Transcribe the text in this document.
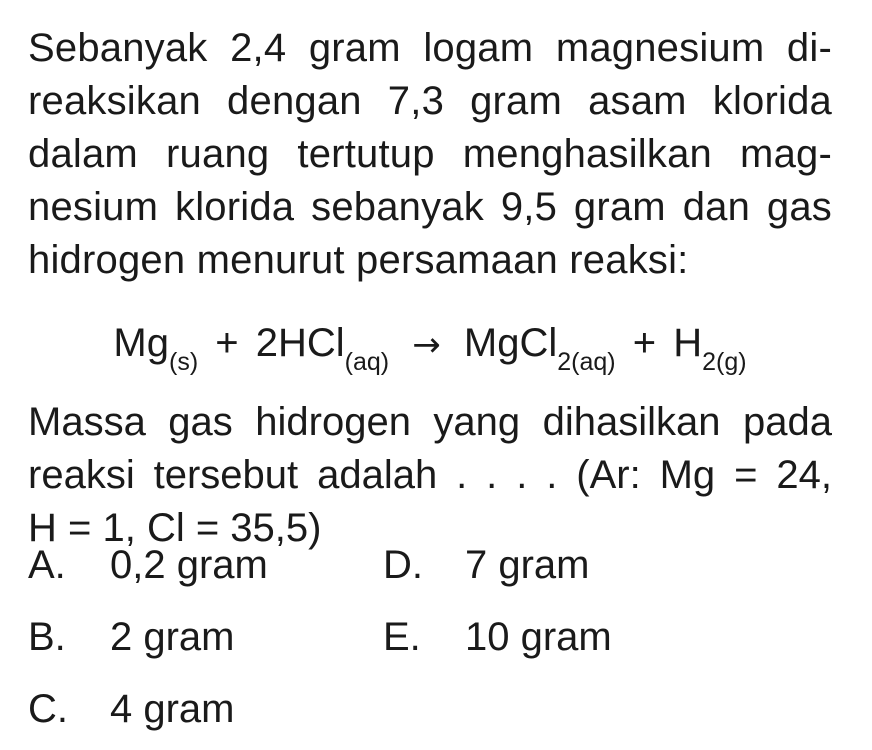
Sebanyak 2,4 gram logam magnesium di-
reaksikan dengan 7,3 gram asam klorida
dalam ruang tertutup menghasilkan mag-
nesium klorida sebanyak 9,5 gram dan gas
hidrogen menurut persamaan reaksi:

$Mg_{(s)} + 2HCl_{(aq)}$ → MgCl$_{2(aq)}$ + $H_{2(g)}$

Massa gas hidrogen yang dihasilkan pada
reaksi tersebut adalah . . . . (Ar: Mg = 24,
H = 1, Cl = 35,5)

A. 0,2 gram
B. 2 gram
C. 4 gram
D. 7 gram
E. 10 gram
